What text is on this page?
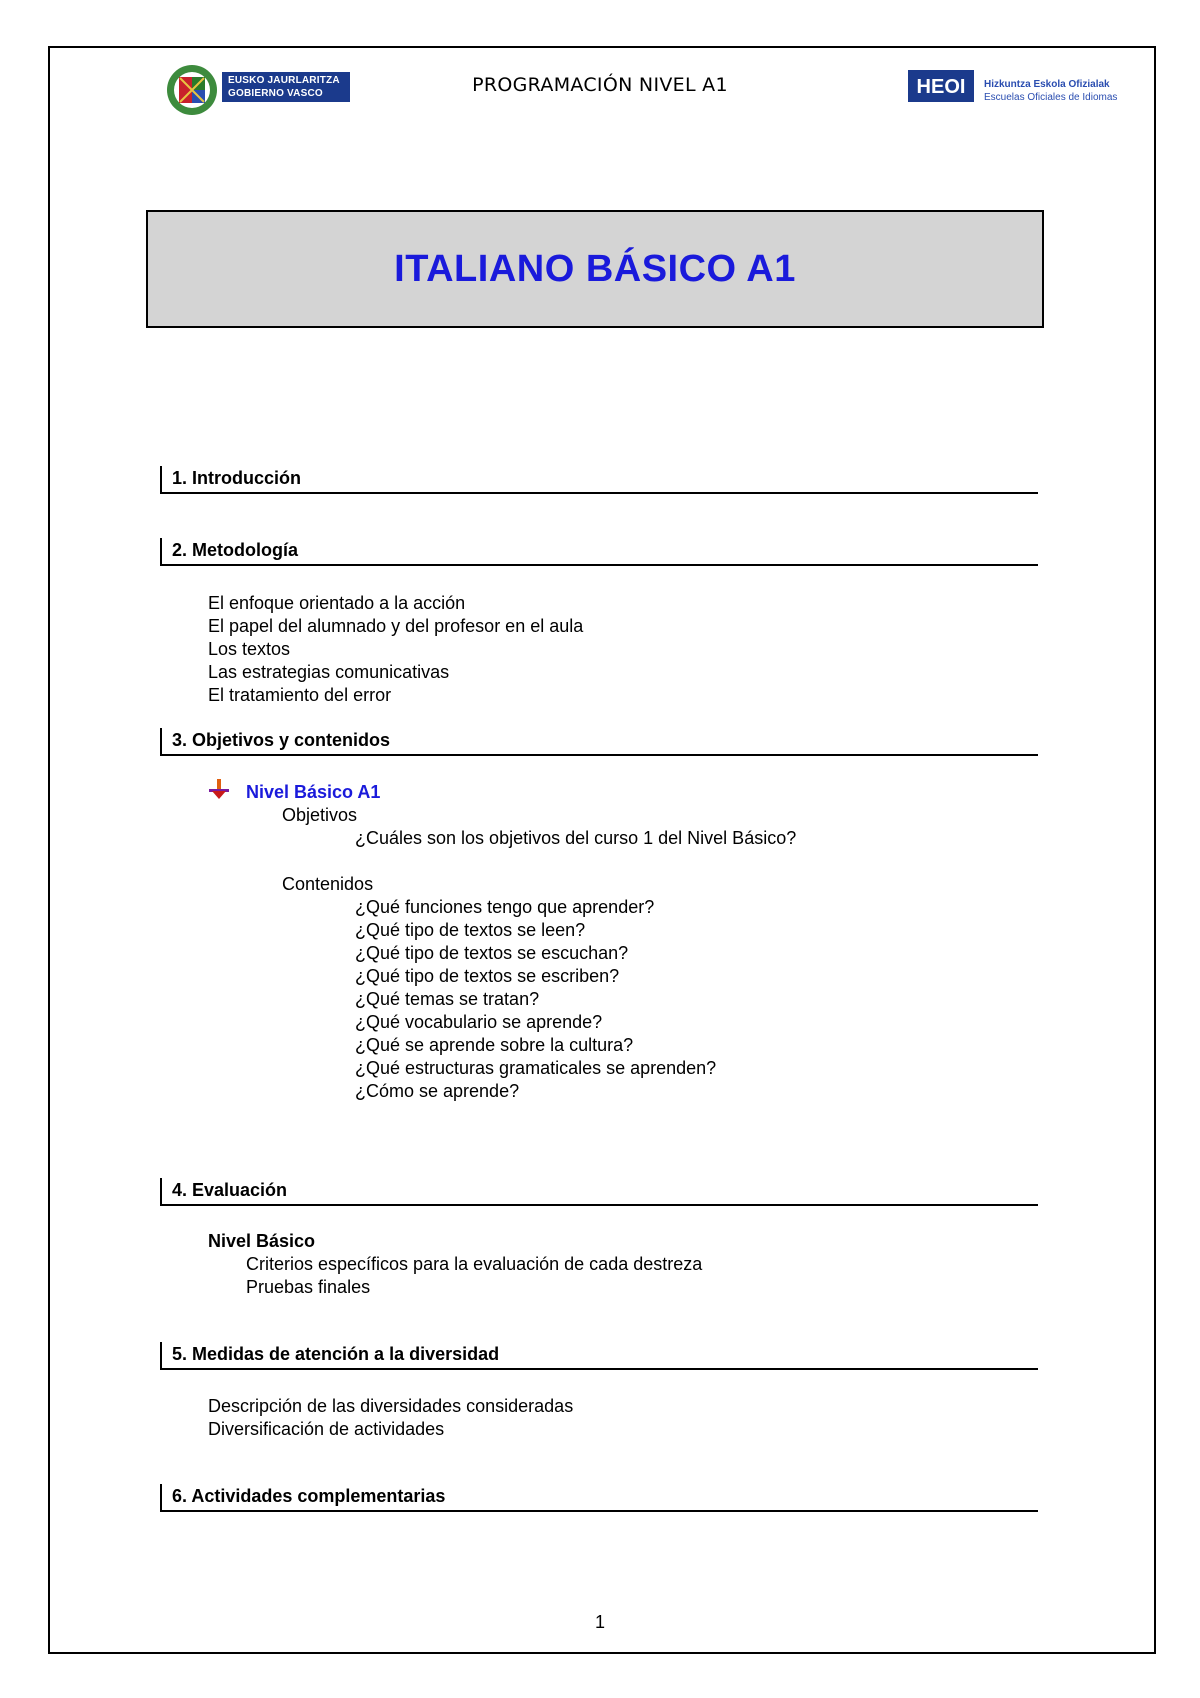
EUSKO JAURLARITZA
GOBIERNO VASCO	PROGRAMACIÓN NIVEL A1	HEOI Hizkuntza Eskola Ofizialak
Escuelas Oficiales de Idiomas
ITALIANO BÁSICO A1
1. Introducción
2. Metodología
El enfoque orientado a la acción
El papel del alumnado y del profesor en el aula
Los textos
Las estrategias comunicativas
El tratamiento del error
3. Objetivos y contenidos
Nivel Básico A1
Objetivos
¿Cuáles son los objetivos del curso 1 del Nivel Básico?
Contenidos
¿Qué funciones tengo que aprender?
¿Qué tipo de textos se leen?
¿Qué tipo de textos se escuchan?
¿Qué tipo de textos se escriben?
¿Qué temas se tratan?
¿Qué vocabulario se aprende?
¿Qué se aprende sobre la cultura?
¿Qué estructuras gramaticales se aprenden?
¿Cómo se aprende?
4. Evaluación
Nivel Básico
Criterios específicos para la evaluación de cada destreza
Pruebas finales
5. Medidas de atención a la diversidad
Descripción de las diversidades consideradas
Diversificación de actividades
6. Actividades complementarias
1
